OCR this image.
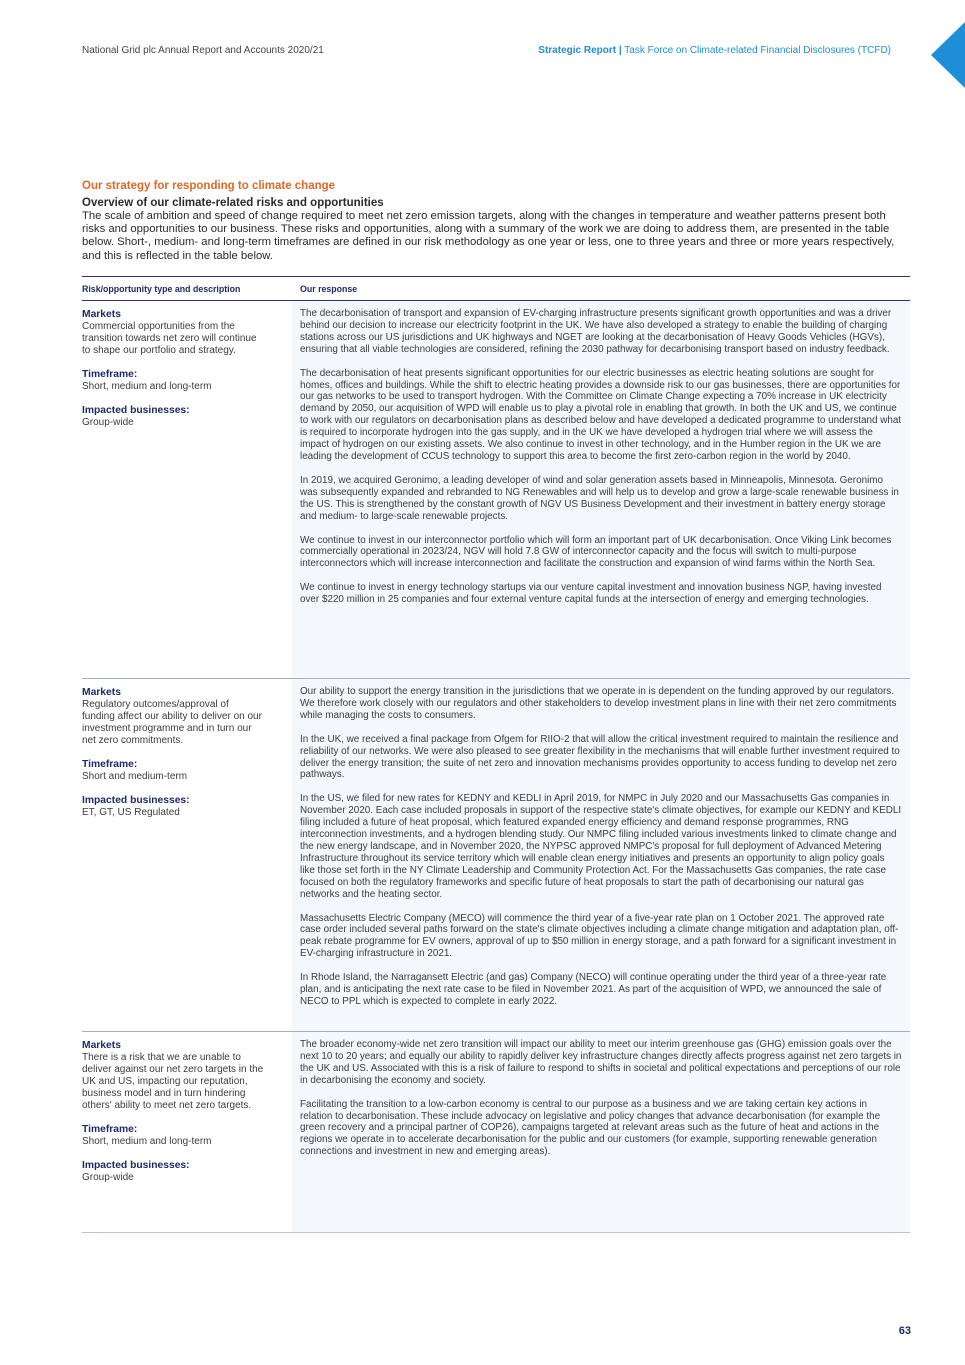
National Grid plc Annual Report and Accounts 2020/21	Strategic Report | Task Force on Climate-related Financial Disclosures (TCFD)
Our strategy for responding to climate change
Overview of our climate-related risks and opportunities
The scale of ambition and speed of change required to meet net zero emission targets, along with the changes in temperature and weather patterns present both risks and opportunities to our business. These risks and opportunities, along with a summary of the work we are doing to address them, are presented in the table below. Short-, medium- and long-term timeframes are defined in our risk methodology as one year or less, one to three years and three or more years respectively, and this is reflected in the table below.
Risk/opportunity type and description	Our response
Markets
Commercial opportunities from the transition towards net zero will continue to shape our portfolio and strategy.
Timeframe:
Short, medium and long-term
Impacted businesses:
Group-wide

The decarbonisation of transport and expansion of EV-charging infrastructure presents significant growth opportunities and was a driver behind our decision to increase our electricity footprint in the UK. We have also developed a strategy to enable the building of charging stations across our US jurisdictions and UK highways and NGET are looking at the decarbonisation of Heavy Goods Vehicles (HGVs), ensuring that all viable technologies are considered, refining the 2030 pathway for decarbonising transport based on industry feedback.

The decarbonisation of heat presents significant opportunities for our electric businesses as electric heating solutions are sought for homes, offices and buildings. While the shift to electric heating provides a downside risk to our gas businesses, there are opportunities for our gas networks to be used to transport hydrogen. With the Committee on Climate Change expecting a 70% increase in UK electricity demand by 2050, our acquisition of WPD will enable us to play a pivotal role in enabling that growth. In both the UK and US, we continue to work with our regulators on decarbonisation plans as described below and have developed a dedicated programme to understand what is required to incorporate hydrogen into the gas supply, and in the UK we have developed a hydrogen trial where we will assess the impact of hydrogen on our existing assets. We also continue to invest in other technology, and in the Humber region in the UK we are leading the development of CCUS technology to support this area to become the first zero-carbon region in the world by 2040.

In 2019, we acquired Geronimo, a leading developer of wind and solar generation assets based in Minneapolis, Minnesota. Geronimo was subsequently expanded and rebranded to NG Renewables and will help us to develop and grow a large-scale renewable business in the US. This is strengthened by the constant growth of NGV US Business Development and their investment in battery energy storage and medium- to large-scale renewable projects.

We continue to invest in our interconnector portfolio which will form an important part of UK decarbonisation. Once Viking Link becomes commercially operational in 2023/24, NGV will hold 7.8 GW of interconnector capacity and the focus will switch to multi-purpose interconnectors which will increase interconnection and facilitate the construction and expansion of wind farms within the North Sea.

We continue to invest in energy technology startups via our venture capital investment and innovation business NGP, having invested over $220 million in 25 companies and four external venture capital funds at the intersection of energy and emerging technologies.

Markets
Regulatory outcomes/approval of funding affect our ability to deliver on our investment programme and in turn our net zero commitments.
Timeframe:
Short and medium-term
Impacted businesses:
ET, GT, US Regulated

Our ability to support the energy transition in the jurisdictions that we operate in is dependent on the funding approved by our regulators. We therefore work closely with our regulators and other stakeholders to develop investment plans in line with their net zero commitments while managing the costs to consumers.

In the UK, we received a final package from Ofgem for RIIO-2 that will allow the critical investment required to maintain the resilience and reliability of our networks. We were also pleased to see greater flexibility in the mechanisms that will enable further investment required to deliver the energy transition; the suite of net zero and innovation mechanisms provides opportunity to access funding to develop net zero pathways.

In the US, we filed for new rates for KEDNY and KEDLI in April 2019, for NMPC in July 2020 and our Massachusetts Gas companies in November 2020. Each case included proposals in support of the respective state's climate objectives, for example our KEDNY and KEDLI filing included a future of heat proposal, which featured expanded energy efficiency and demand response programmes, RNG interconnection investments, and a hydrogen blending study. Our NMPC filing included various investments linked to climate change and the new energy landscape, and in November 2020, the NYPSC approved NMPC's proposal for full deployment of Advanced Metering Infrastructure throughout its service territory which will enable clean energy initiatives and presents an opportunity to align policy goals like those set forth in the NY Climate Leadership and Community Protection Act. For the Massachusetts Gas companies, the rate case focused on both the regulatory frameworks and specific future of heat proposals to start the path of decarbonising our natural gas networks and the heating sector.

Massachusetts Electric Company (MECO) will commence the third year of a five-year rate plan on 1 October 2021. The approved rate case order included several paths forward on the state's climate objectives including a climate change mitigation and adaptation plan, off-peak rebate programme for EV owners, approval of up to $50 million in energy storage, and a path forward for a significant investment in EV-charging infrastructure in 2021.

In Rhode Island, the Narragansett Electric (and gas) Company (NECO) will continue operating under the third year of a three-year rate plan, and is anticipating the next rate case to be filed in November 2021. As part of the acquisition of WPD, we announced the sale of NECO to PPL which is expected to complete in early 2022.

Markets
There is a risk that we are unable to deliver against our net zero targets in the UK and US, impacting our reputation, business model and in turn hindering others' ability to meet net zero targets.
Timeframe:
Short, medium and long-term
Impacted businesses:
Group-wide

The broader economy-wide net zero transition will impact our ability to meet our interim greenhouse gas (GHG) emission goals over the next 10 to 20 years; and equally our ability to rapidly deliver key infrastructure changes directly affects progress against net zero targets in the UK and US. Associated with this is a risk of failure to respond to shifts in societal and political expectations and perceptions of our role in decarbonising the economy and society.

Facilitating the transition to a low-carbon economy is central to our purpose as a business and we are taking certain key actions in relation to decarbonisation. These include advocacy on legislative and policy changes that advance decarbonisation (for example the green recovery and a principal partner of COP26), campaigns targeted at relevant areas such as the future of heat and actions in the regions we operate in to accelerate decarbonisation for the public and our customers (for example, supporting renewable generation connections and investment in new and emerging areas).

63
